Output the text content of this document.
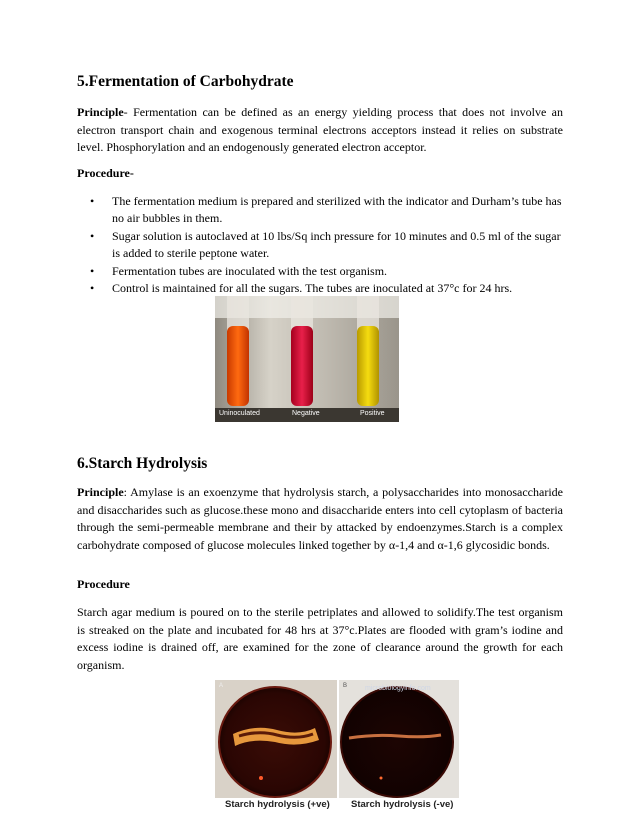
5.Fermentation of Carbohydrate

Principle- Fermentation can be defined as an energy yielding process that does not involve an electron transport chain and exogenous terminal electrons acceptors instead it relies on substrate level. Phosphorylation and an endogenously generated electron acceptor.

Procedure-

• The fermentation medium is prepared and sterilized with the indicator and Durham’s tube has no air bubbles in them.
• Sugar solution is autoclaved at 10 lbs/Sq inch pressure for 10 minutes and 0.5 ml of the sugar is added to sterile peptone water.
• Fermentation tubes are inoculated with the test organism.
• Control is maintained for all the sugars. The tubes are inoculated at 37°c for 24 hrs.
Uninoculated	Negative	Positive
6.Starch Hydrolysis

Principle: Amylase is an exoenzyme that hydrolysis starch, a polysaccharides into monosaccharide and disaccharides such as glucose.these mono and disaccharide enters into cell cytoplasm of bacteria through the semi-permeable membrane and their by attacked by endoenzymes.Starch is a complex carbohydrate composed of glucose molecules linked together by α-1,4 and α-1,6 glycosidic bonds.

Procedure

Starch agar medium is poured on to the sterile petriplates and allowed to solidify.The test organism is streaked on the plate and incubated for 48 hrs at 37°c.Plates are flooded with gram’s iodine and excess iodine is drained off, are examined for the zone of clearance around the growth for each organism.

A	B	microbiologyinfo.com
Starch hydrolysis (+ve) Starch hydrolysis (-ve)
